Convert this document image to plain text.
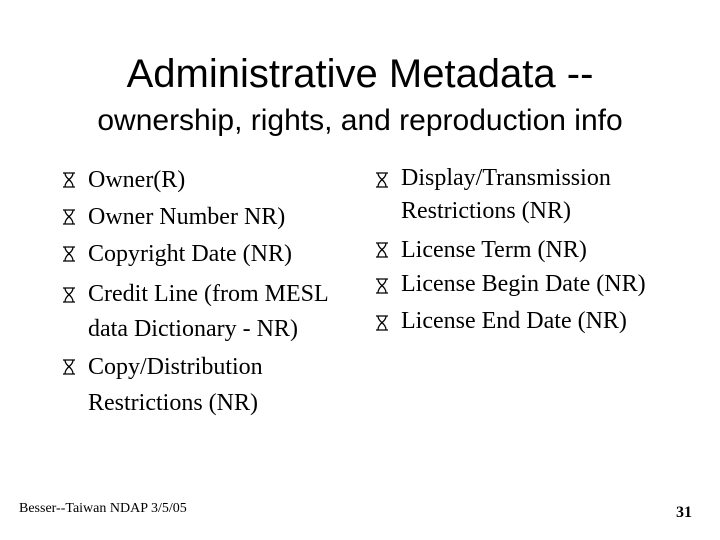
Administrative Metadata --
ownership, rights, and reproduction info
Owner(R)
Owner Number NR)
Copyright Date (NR)
Credit Line (from MESL data Dictionary - NR)
Copy/Distribution Restrictions (NR)
Display/Transmission Restrictions (NR)
License Term (NR)
License Begin Date (NR)
License End Date (NR)
Besser--Taiwan NDAP 3/5/05	31
